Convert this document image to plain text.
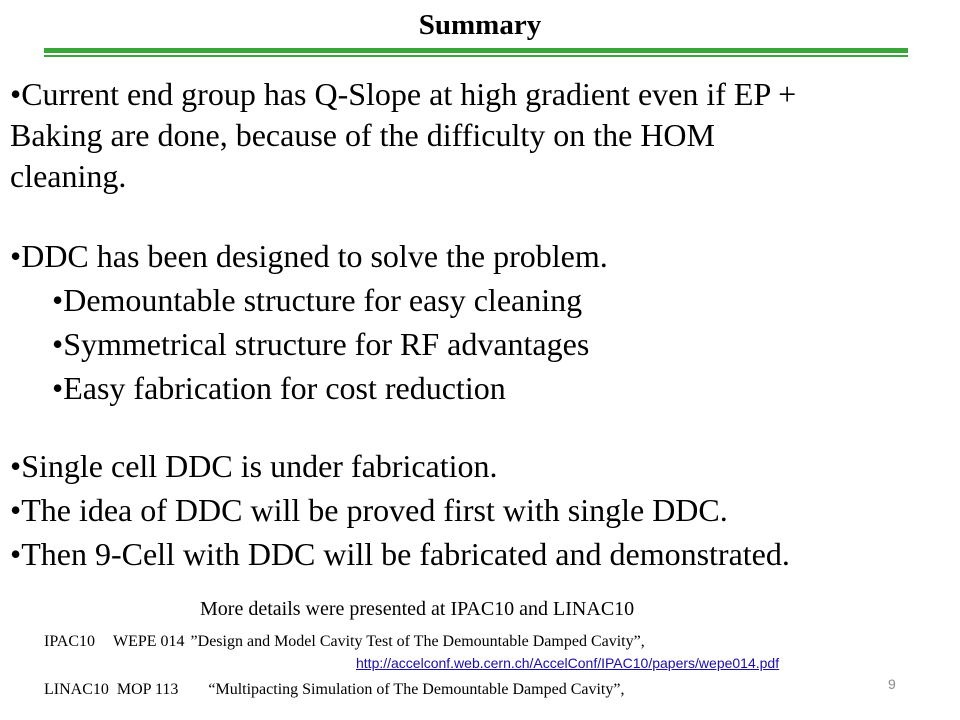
Summary
•Current end group has Q-Slope at high gradient even if EP +
Baking are done, because of the difficulty on the HOM
cleaning.
•DDC has been designed to solve the problem.
•Demountable structure for easy cleaning
•Symmetrical structure for RF advantages
•Easy fabrication for cost reduction
•Single cell DDC is under fabrication.
•The idea of DDC will be proved first with single DDC.
•Then 9-Cell with DDC will be fabricated and demonstrated.
More details were presented at IPAC10 and LINAC10
IPAC10 WEPE 014 ”Design and Model Cavity Test of The Demountable Damped Cavity”,
http://accelconf.web.cern.ch/AccelConf/IPAC10/papers/wepe014.pdf
LINAC10 MOP 113 “Multipacting Simulation of The Demountable Damped Cavity”,	9
